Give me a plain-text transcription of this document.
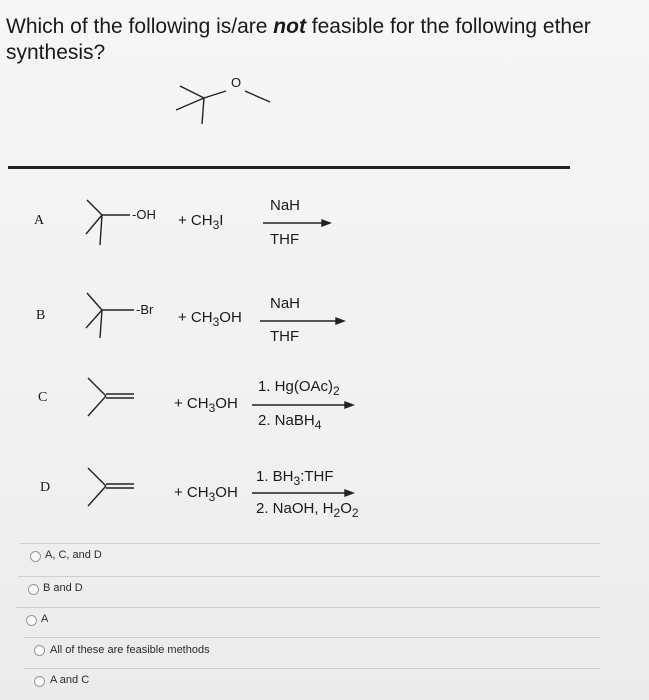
Which of the following is/are not feasible for the following ether synthesis?
O
A	$-OH + CH_3I$
NaH
THF
B	$-Br + CH_3OH$
NaH
THF
C	+ $CH_3OH$
1. $Hg(OAc)_2$
2. NaBH$_4$
D	+ $CH_3OH$
1. $BH_3:THF$
2. NaOH, $H_2O_2$
A, C, and D
B and D
A
All of these are feasible methods
A and C
